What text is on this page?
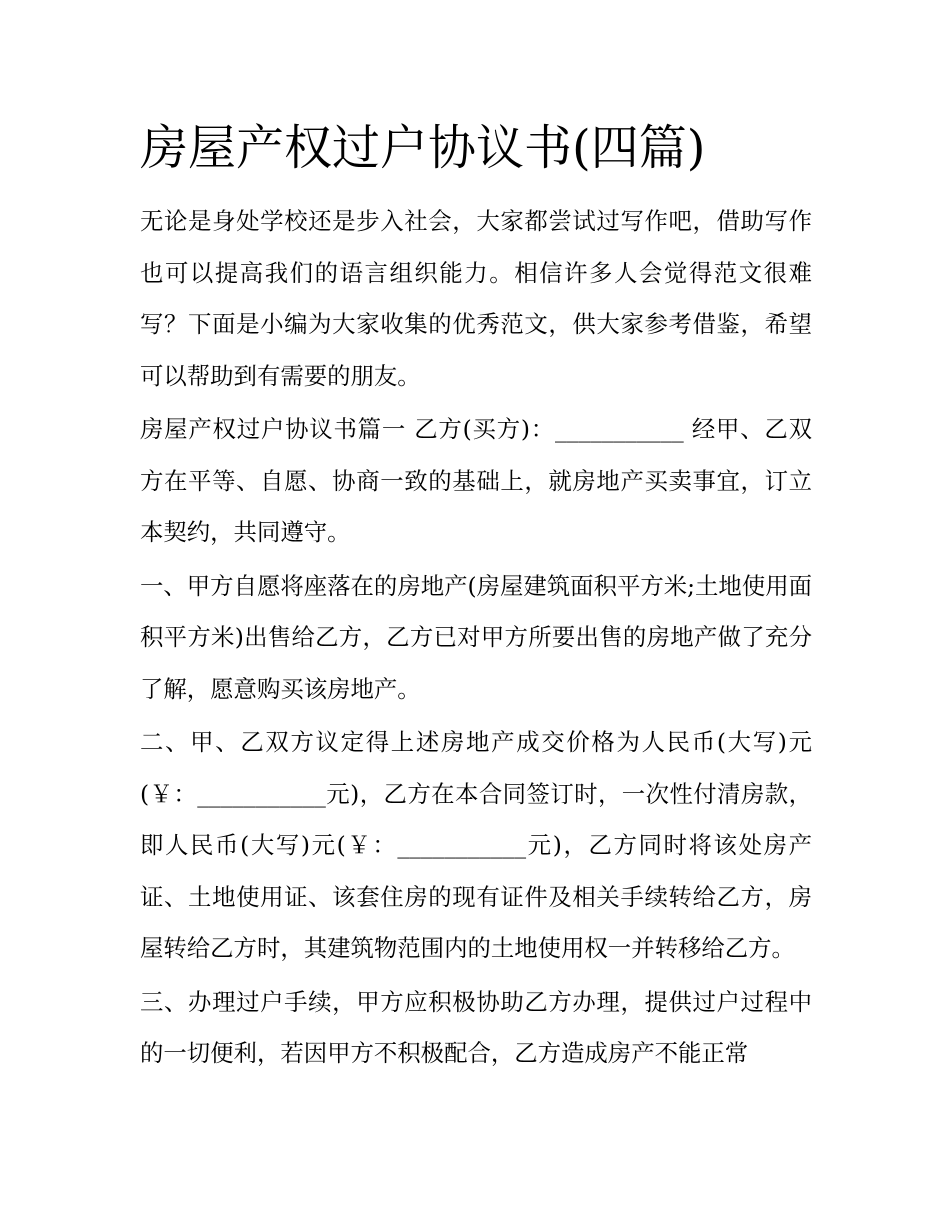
房屋产权过户协议书(四篇)

无论是身处学校还是步入社会，大家都尝试过写作吧，借助写作也可以提高我们的语言组织能力。相信许多人会觉得范文很难写？下面是小编为大家收集的优秀范文，供大家参考借鉴，希望可以帮助到有需要的朋友。

房屋产权过户协议书篇一 乙方(买方)：___________ 经甲、乙双方在平等、自愿、协商一致的基础上，就房地产买卖事宜，订立本契约，共同遵守。

一、甲方自愿将座落在的房地产(房屋建筑面积平方米;土地使用面积平方米)出售给乙方，乙方已对甲方所要出售的房地产做了充分了解，愿意购买该房地产。

二、甲、乙双方议定得上述房地产成交价格为人民币(大写)元(￥：___________元)，乙方在本合同签订时，一次性付清房款，即人民币(大写)元(￥：___________元)，乙方同时将该处房产证、土地使用证、该套住房的现有证件及相关手续转给乙方，房屋转给乙方时，其建筑物范围内的土地使用权一并转移给乙方。

三、办理过户手续，甲方应积极协助乙方办理，提供过户过程中的一切便利，若因甲方不积极配合，乙方造成房产不能正常
